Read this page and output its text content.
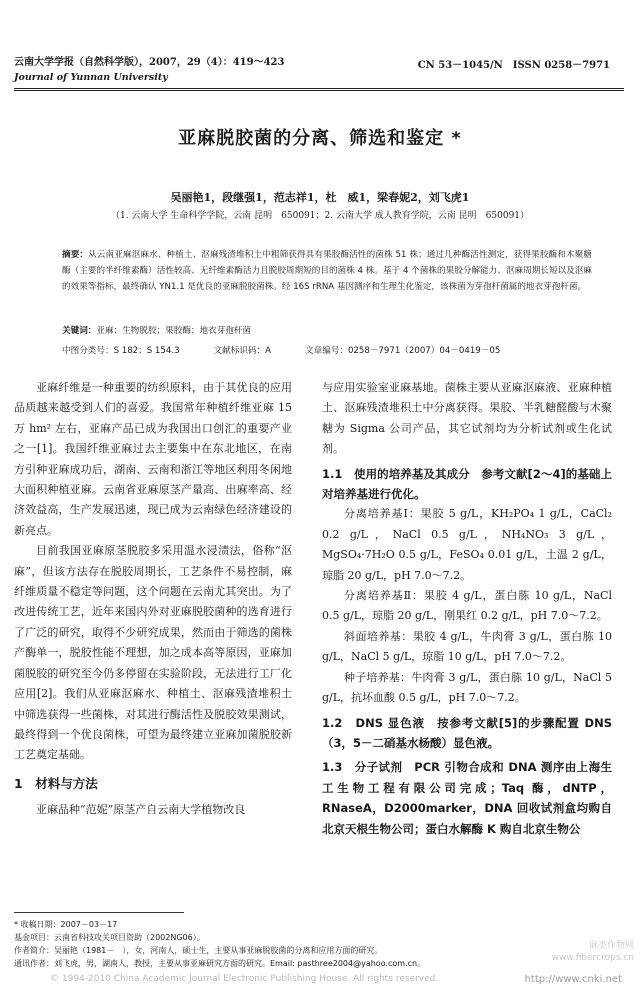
云南大学学报（自然科学版），2007，29（4）：419～423	CN 53－1045/N　ISSN 0258－7971
Journal of Yunnan University
亚麻脱胶菌的分离、筛选和鉴定 *
吴丽艳1，段继强1，范志祥1，杜　威1，梁春妮2，刘飞虎1
（1. 云南大学 生命科学学院，云南 昆明　650091；2. 云南大学 成人教育学院，云南 昆明　650091）
摘要：从云南亚麻沤麻水、种植土、沤麻残渣堆积土中粗筛获得具有果胶酶活性的菌株 51 株；通过几种酶活性测定，获得果胶酶和木聚糖酶（主要的半纤维素酶）活性较高、无纤维素酶活力且脱胶周期短的目的菌株 4 株。基于 4 个菌株的果胶分解能力、沤麻周期长短以及沤麻的效果等指标，最终确认 YN1.1 是优良的亚麻脱胶菌株。经 16S rRNA 基因测序和生理生化鉴定，该株菌为芽孢杆菌属的地衣芽孢杆菌。
关键词：亚麻；生物脱胶；果胶酶；地衣芽孢杆菌
中图分类号：S 182；S 154.3	文献标识码：A	文章编号：0258－7971（2007）04－0419－05

亚麻纤维是一种重要的纺织原料，由于其优良的应用品质越来越受到人们的喜爱。我国常年种植纤维亚麻 15 万 hm² 左右，亚麻产品已成为我国出口创汇的重要产业之一[1]。我国纤维亚麻过去主要集中在东北地区，在南方引种亚麻成功后，湖南、云南和浙江等地区利用冬闲地大面积种植亚麻。云南省亚麻原茎产量高、出麻率高、经济效益高，生产发展迅速，现已成为云南绿色经济建设的新亮点。

目前我国亚麻原茎脱胶多采用温水浸渍法，俗称“沤麻”，但该方法存在脱胶周期长，工艺条件不易控制，麻纤维质量不稳定等问题，这个问题在云南尤其突出。为了改进传统工艺，近年来国内外对亚麻脱胶菌种的选育进行了广泛的研究，取得不少研究成果，然而由于筛选的菌株产酶单一，脱胶性能不理想，加之成本高等原因，亚麻加菌脱胶的研究至今仍多停留在实验阶段，无法进行工厂化应用[2]。我们从亚麻沤麻水、种植土、沤麻残渣堆积土中筛选获得一些菌株，对其进行酶活性及脱胶效果测试，最终得到一个优良菌株，可望为最终建立亚麻加菌脱胶新工艺奠定基础。

1　材料与方法

亚麻品种“范妮”原茎产自云南大学植物改良

与应用实验室亚麻基地。菌株主要从亚麻沤麻液、亚麻种植土、沤麻残渣堆积土中分离获得。果胶、半乳糖醛酸与木聚糖为 Sigma 公司产品，其它试剂均为分析试剂或生化试剂。

1.1　使用的培养基及其成分　参考文献[2～4]的基础上对培养基进行优化。

分离培养基Ⅰ：果胶 5 g/L，KH₂PO₄ 1 g/L，CaCl₂ 0.2 g/L，NaCl 0.5 g/L，NH₄NO₃ 3 g/L，MgSO₄·7H₂O 0.5 g/L，FeSO₄ 0.01 g/L，土温 2 g/L，琼脂 20 g/L，pH 7.0～7.2。

分离培养基Ⅱ：果胶 4 g/L，蛋白胨 10 g/L，NaCl 0.5 g/L，琼脂 20 g/L，刚果红 0.2 g/L，pH 7.0～7.2。

斜面培养基：果胶 4 g/L，牛肉膏 3 g/L，蛋白胨 10 g/L，NaCl 5 g/L，琼脂 10 g/L，pH 7.0～7.2。

种子培养基：牛肉膏 3 g/L，蛋白胨 10 g/L，NaCl 5 g/L，抗坏血酸 0.5 g/L，pH 7.0～7.2。

1.2　DNS 显色液　按参考文献[5]的步骤配置 DNS（3，5－二硝基水杨酸）显色液。
1.3　分子试剂　PCR 引物合成和 DNA 测序由上海生工生物工程有限公司完成；Taq 酶，dNTP，RNaseA，D2000marker，DNA 回收试剂盒均购自北京天根生物公司；蛋白水解酶 K 购自北京生物公
* 收稿日期：2007－03－17
基金项目：云南省科技攻关项目资助（2002NG06）。
作者简介：吴丽艳（1981－　），女，河南人，硕士生，主要从事亚麻脱胶菌的分离和应用方面的研究。
通讯作者：刘飞虎，男，湖南人，教授，主要从事亚麻研究方面的研究。Email: pasthree2004@yahoo.com.cn。
© 1994-2010 China Academic Journal Electronic Publishing House. All rights reserved.	http://www.cnki.net
麻类作物网
www.fibercrops.cn
